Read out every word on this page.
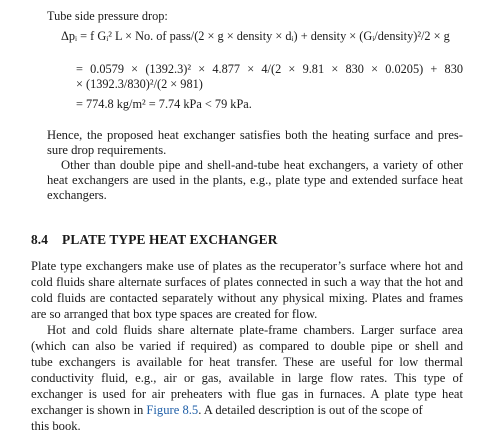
Tube side pressure drop:
Δpᵢ = f Gᵢ² L × No. of pass/(2 × g × density × dᵢ) + density × (Gᵢ/density)²/2 × g
= 0.0579 × (1392.3)² × 4.877 × 4/(2 × 9.81 × 830 × 0.0205) + 830
× (1392.3/830)²/(2 × 981)
= 774.8 kg/m² = 7.74 kPa < 79 kPa.
Hence, the proposed heat exchanger satisfies both the heating surface and pres-
sure drop requirements.
Other than double pipe and shell-and-tube heat exchangers, a variety of other
heat exchangers are used in the plants, e.g., plate type and extended surface heat
exchangers.
8.4 PLATE TYPE HEAT EXCHANGER
Plate type exchangers make use of plates as the recuperator’s surface where hot and
cold fluids share alternate surfaces of plates connected in such a way that the hot and
cold fluids are contacted separately without any physical mixing. Plates and frames
are so arranged that box type spaces are created for flow.
Hot and cold fluids share alternate plate-frame chambers. Larger surface area
(which can also be varied if required) as compared to double pipe or shell and
tube exchangers is available for heat transfer. These are useful for low thermal
conductivity fluid, e.g., air or gas, available in large flow rates. This type of
exchanger is used for air preheaters with flue gas in furnaces. A plate type heat
exchanger is shown in Figure 8.5. A detailed description is out of the scope of
this book.
